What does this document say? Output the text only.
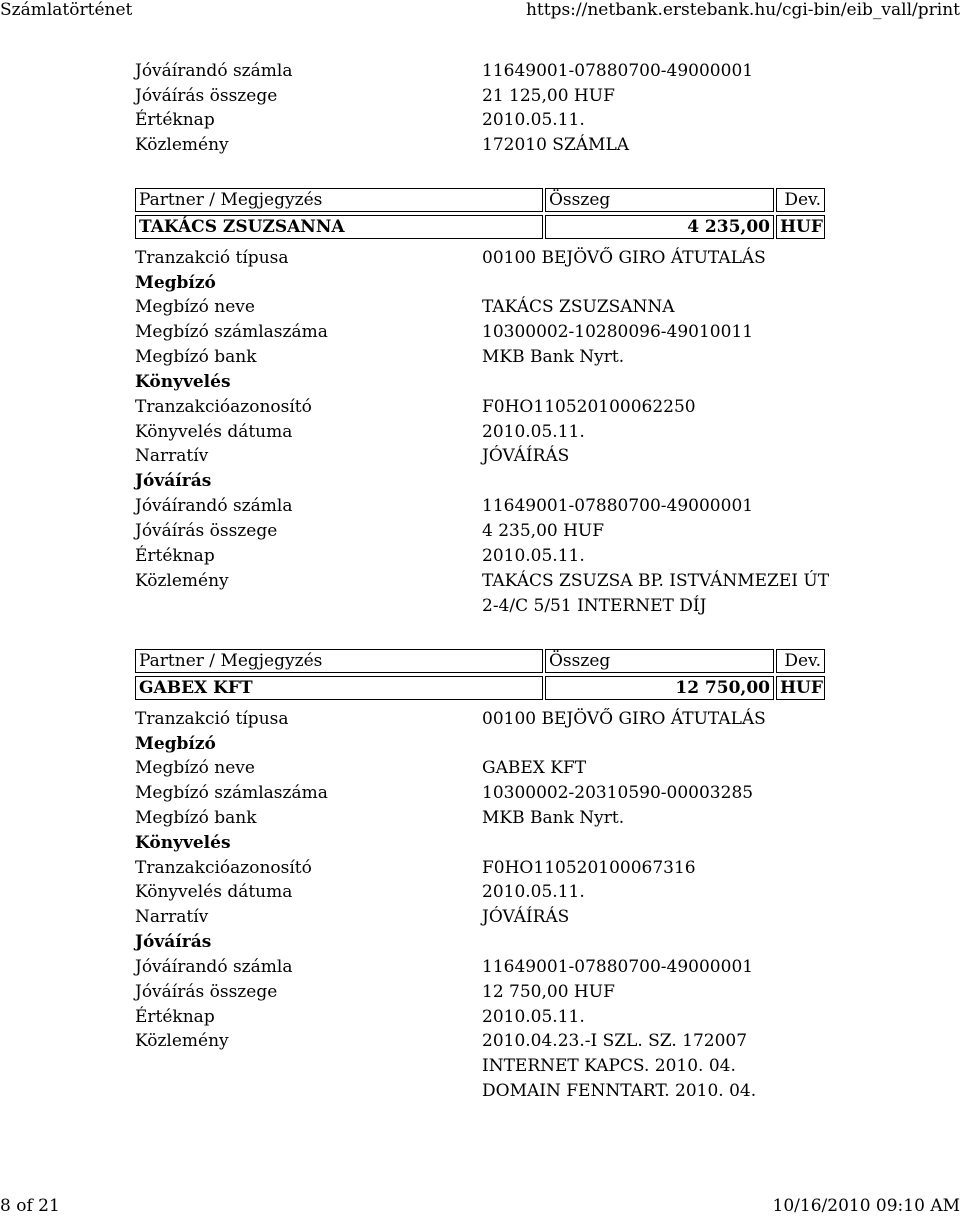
Számlatörténet	https://netbank.erstebank.hu/cgi-bin/eib_vall/print
Jóváírandó számla	11649001-07880700-49000001
Jóváírás összege	21 125,00 HUF
Értéknap	2010.05.11.
Közlemény	172010 SZÁMLA
Partner / Megjegyzés	Összeg	Dev.
TAKÁCS ZSUZSANNA	4 235,00 HUF
Tranzakció típusa	00100 BEJÖVŐ GIRO ÁTUTALÁS
Megbízó
Megbízó neve	TAKÁCS ZSUZSANNA
Megbízó számlaszáma	10300002-10280096-49010011
Megbízó bank	MKB Bank Nyrt.
Könyvelés
Tranzakcióazonosító	F0HO110520100062250
Könyvelés dátuma	2010.05.11.
Narratív	JÓVÁÍRÁS
Jóváírás
Jóváírandó számla	11649001-07880700-49000001
Jóváírás összege	4 235,00 HUF
Értéknap	2010.05.11.
Közlemény	TAKÁCS ZSUZSA BP. ISTVÁNMEZEI ÚT
2-4/C 5/51 INTERNET DÍJ
Partner / Megjegyzés	Összeg	Dev.
GABEX KFT	12 750,00 HUF
Tranzakció típusa	00100 BEJÖVŐ GIRO ÁTUTALÁS
Megbízó
Megbízó neve	GABEX KFT
Megbízó számlaszáma	10300002-20310590-00003285
Megbízó bank	MKB Bank Nyrt.
Könyvelés
Tranzakcióazonosító	F0HO110520100067316
Könyvelés dátuma	2010.05.11.
Narratív	JÓVÁÍRÁS
Jóváírás
Jóváírandó számla	11649001-07880700-49000001
Jóváírás összege	12 750,00 HUF
Értéknap	2010.05.11.
Közlemény	2010.04.23.-I SZL. SZ. 172007
INTERNET KAPCS. 2010. 04.
DOMAIN FENNTART. 2010. 04.
8 of 21	10/16/2010 09:10 AM
